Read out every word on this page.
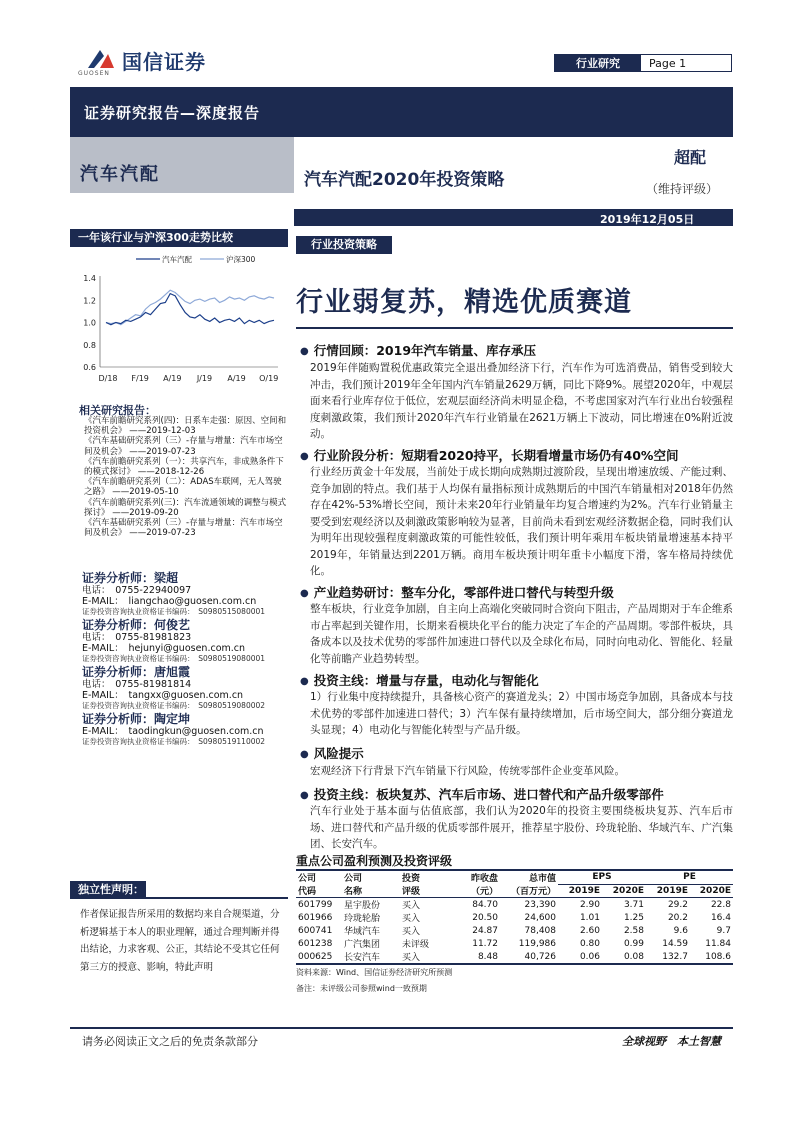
国信证券
GUOSEN
行业研究	Page 1
证券研究报告—深度报告
汽车汽配	汽车汽配2020年投资策略
超配
（维持评级）
2019年12月05日
一年该行业与沪深300走势比较
汽车汽配	沪深300
1.4
1.2
1.0
0.8
0.6
D/18 F/19 A/19 J/19 A/19 O/19
相关研究报告：
《汽车前瞻研究系列(四)：日系车走强：原因、空间和投资机会》 ——2019-12-03
《汽车基础研究系列（三）-存量与增量：汽车市场空间及机会》 ——2019-07-23
《汽车前瞻研究系列（一）：共享汽车，非成熟条件下的模式探讨》 ——2018-12-26
《汽车前瞻研究系列（二）：ADAS车联网，无人驾驶之路》 ——2019-05-10
《汽车前瞻研究系列(三)：汽车流通领域的调整与模式探讨》 ——2019-09-20
《汽车基础研究系列（三）-存量与增量：汽车市场空间及机会》 ——2019-07-23
证券分析师：梁超
电话：　0755-22940097
E-MAIL：　liangchao@guosen.com.cn
证券投资咨询执业资格证书编码：　S0980515080001
证券分析师：何俊艺
电话：　0755-81981823
E-MAIL：　hejunyi@guosen.com.cn
证券投资咨询执业资格证书编码：　S0980519080001
证券分析师：唐旭霞
电话：　0755-81981814
E-MAIL：　tangxx@guosen.com.cn
证券投资咨询执业资格证书编码：　S0980519080002
证券分析师：陶定坤
E-MAIL：　taodingkun@guosen.com.cn
证券投资咨询执业资格证书编码：　S0980519110002
独立性声明：
作者保证报告所采用的数据均来自合规渠道，分析逻辑基于本人的职业理解，通过合理判断并得出结论，力求客观、公正，其结论不受其它任何第三方的授意、影响，特此声明
行业投资策略
行业弱复苏，精选优质赛道
● 行情回顾：2019年汽车销量、库存承压
2019年伴随购置税优惠政策完全退出叠加经济下行，汽车作为可选消费品，销售受到较大冲击，我们预计2019年全年国内汽车销量2629万辆，同比下降9%。展望2020年，中观层面来看行业库存位于低位，宏观层面经济尚未明显企稳，不考虑国家对汽车行业出台较强程度刺激政策，我们预计2020年汽车行业销量在2621万辆上下波动，同比增速在0%附近波动。
● 行业阶段分析：短期看2020持平，长期看增量市场仍有40%空间
行业经历黄金十年发展，当前处于成长期向成熟期过渡阶段，呈现出增速放缓、产能过剩、竞争加剧的特点。我们基于人均保有量指标预计成熟期后的中国汽车销量相对2018年仍然存在42%-53%增长空间，预计未来20年行业销量年均复合增速约为2%。汽车行业销量主要受到宏观经济以及刺激政策影响较为显著，目前尚未看到宏观经济数据企稳，同时我们认为明年出现较强程度刺激政策的可能性较低，我们预计明年乘用车板块销量增速基本持平2019年，年销量达到2201万辆。商用车板块预计明年重卡小幅度下滑，客车格局持续优化。
● 产业趋势研讨：整车分化，零部件进口替代与转型升级
整车板块，行业竞争加剧，自主向上高端化突破同时合资向下阻击，产品周期对于车企维系市占率起到关键作用，长期来看模块化平台的能力决定了车企的产品周期。零部件板块，具备成本以及技术优势的零部件加速进口替代以及全球化布局，同时向电动化、智能化、轻量化等前瞻产业趋势转型。
● 投资主线：增量与存量，电动化与智能化
1）行业集中度持续提升，具备核心资产的赛道龙头；2）中国市场竞争加剧，具备成本与技术优势的零部件加速进口替代；3）汽车保有量持续增加，后市场空间大，部分细分赛道龙头显现；4）电动化与智能化转型与产品升级。
● 风险提示
宏观经济下行背景下汽车销量下行风险，传统零部件企业变革风险。
● 投资主线：板块复苏、汽车后市场、进口替代和产品升级零部件
汽车行业处于基本面与估值底部，我们认为2020年的投资主要围绕板块复苏、汽车后市场、进口替代和产品升级的优质零部件展开，推荐星宇股份、玲珑轮胎、华域汽车、广汽集团、长安汽车。
重点公司盈利预测及投资评级
公司	公司	投资	昨收盘	总市值	EPS		PE	
代码	名称	评级	（元）	（百万元）	2019E	2020E	2019E	2020E
601799	星宇股份	买入	84.70	23,390	2.90	3.71	29.2	22.8
601966	玲珑轮胎	买入	20.50	24,600	1.01	1.25	20.2	16.4
600741	华域汽车	买入	24.87	78,408	2.60	2.58	9.6	9.7
601238	广汽集团	未评级	11.72	119,986	0.80	0.99	14.59	11.84
000625	长安汽车	买入	8.48	40,726	0.06	0.08	132.7	108.6
资料来源：Wind、国信证券经济研究所预测
备注：未评级公司参照wind一致预期
请务必阅读正文之后的免责条款部分	全球视野　本土智慧
